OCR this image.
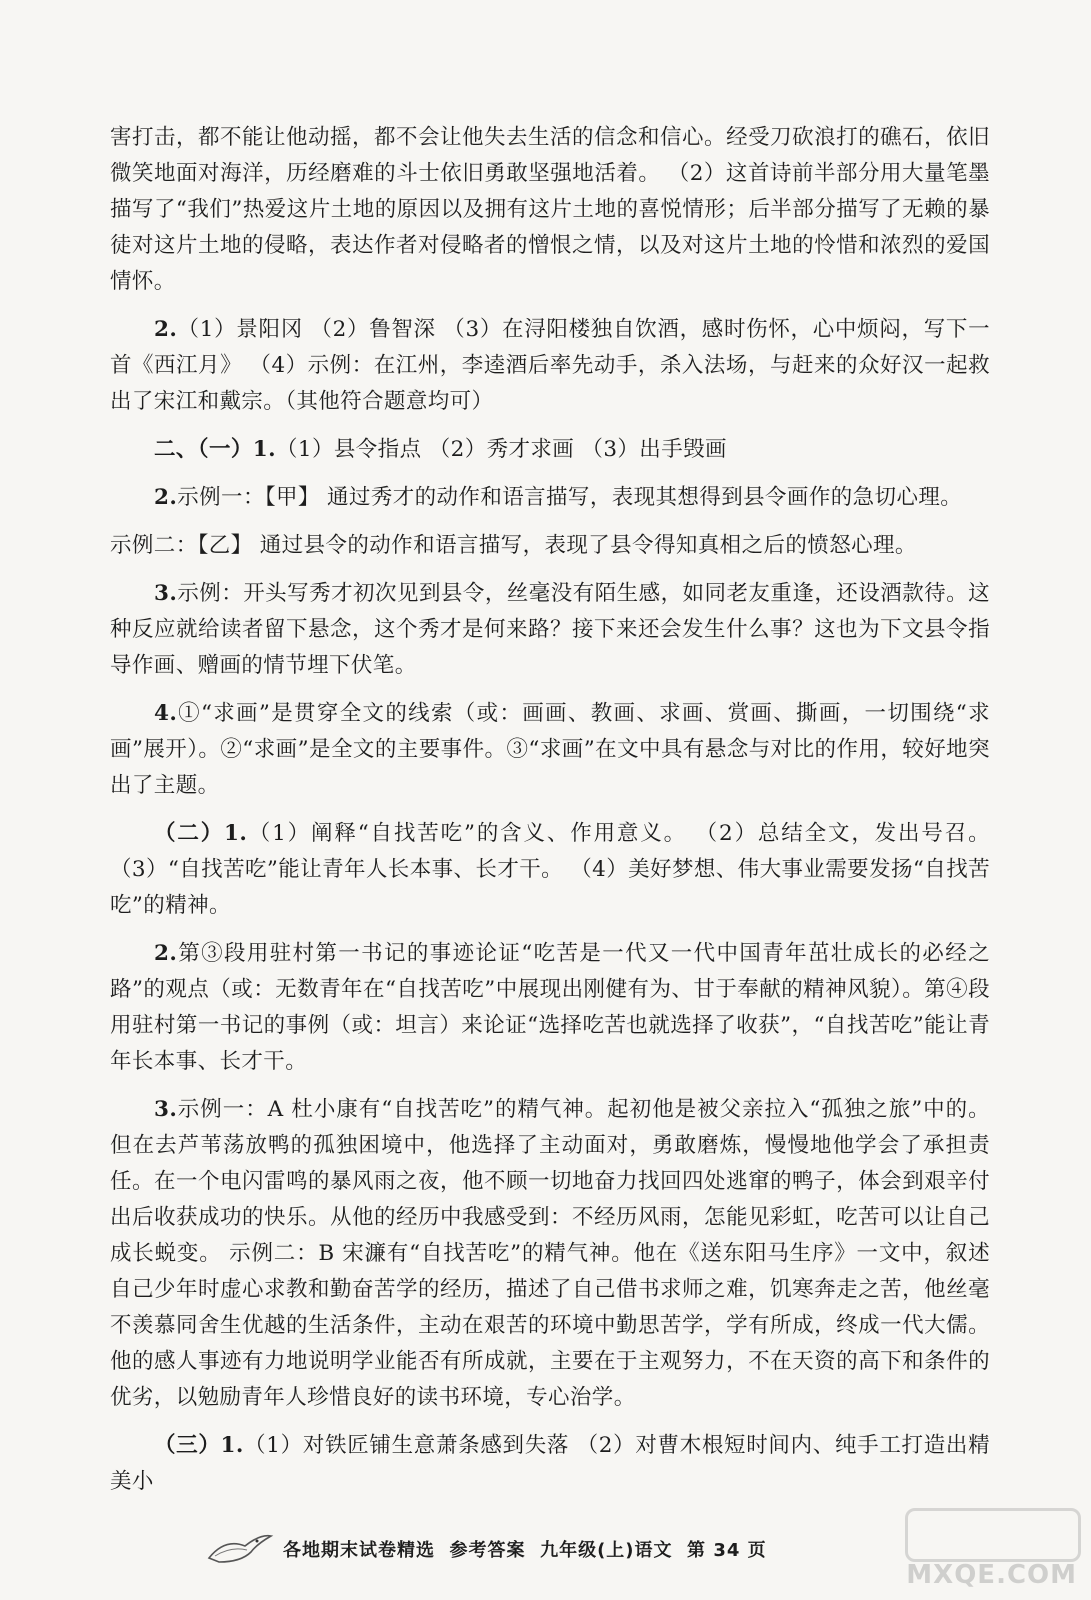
害打击，都不能让他动摇，都不会让他失去生活的信念和信心。经受刀砍浪打的礁石，依旧微笑地面对海洋，历经磨难的斗士依旧勇敢坚强地活着。 （2）这首诗前半部分用大量笔墨描写了“我们”热爱这片土地的原因以及拥有这片土地的喜悦情形；后半部分描写了无赖的暴徒对这片土地的侵略，表达作者对侵略者的憎恨之情，以及对这片土地的怜惜和浓烈的爱国情怀。

2.（1）景阳冈 （2）鲁智深 （3）在浔阳楼独自饮酒，感时伤怀，心中烦闷，写下一首《西江月》 （4）示例：在江州，李逵酒后率先动手，杀入法场，与赶来的众好汉一起救出了宋江和戴宗。（其他符合题意均可）

二、（一）1.（1）县令指点 （2）秀才求画 （3）出手毁画

2.示例一：【甲】 通过秀才的动作和语言描写，表现其想得到县令画作的急切心理。

示例二：【乙】 通过县令的动作和语言描写，表现了县令得知真相之后的愤怒心理。

3.示例：开头写秀才初次见到县令，丝毫没有陌生感，如同老友重逢，还设酒款待。这种反应就给读者留下悬念，这个秀才是何来路？接下来还会发生什么事？这也为下文县令指导作画、赠画的情节埋下伏笔。

4.①“求画”是贯穿全文的线索（或：画画、教画、求画、赏画、撕画，一切围绕“求画”展开）。②“求画”是全文的主要事件。③“求画”在文中具有悬念与对比的作用，较好地突出了主题。

（二）1.（1）阐释“自找苦吃”的含义、作用意义。 （2）总结全文，发出号召。 （3）“自找苦吃”能让青年人长本事、长才干。 （4）美好梦想、伟大事业需要发扬“自找苦吃”的精神。

2.第③段用驻村第一书记的事迹论证“吃苦是一代又一代中国青年茁壮成长的必经之路”的观点（或：无数青年在“自找苦吃”中展现出刚健有为、甘于奉献的精神风貌）。第④段用驻村第一书记的事例（或：坦言）来论证“选择吃苦也就选择了收获”，“自找苦吃”能让青年长本事、长才干。

3.示例一：A 杜小康有“自找苦吃”的精气神。起初他是被父亲拉入“孤独之旅”中的。但在去芦苇荡放鸭的孤独困境中，他选择了主动面对，勇敢磨炼，慢慢地他学会了承担责任。在一个电闪雷鸣的暴风雨之夜，他不顾一切地奋力找回四处逃窜的鸭子，体会到艰辛付出后收获成功的快乐。从他的经历中我感受到：不经历风雨，怎能见彩虹，吃苦可以让自己成长蜕变。 示例二：B 宋濂有“自找苦吃”的精气神。他在《送东阳马生序》一文中，叙述自己少年时虚心求教和勤奋苦学的经历，描述了自己借书求师之难，饥寒奔走之苦，他丝毫不羡慕同舍生优越的生活条件，主动在艰苦的环境中勤思苦学，学有所成，终成一代大儒。他的感人事迹有力地说明学业能否有所成就，主要在于主观努力，不在天资的高下和条件的优劣，以勉励青年人珍惜良好的读书环境，专心治学。

（三）1.（1）对铁匠铺生意萧条感到失落 （2）对曹木根短时间内、纯手工打造出精美小

各地期末试卷精选  参考答案  九年级(上)语文  第 34 页
MXQE.COM
